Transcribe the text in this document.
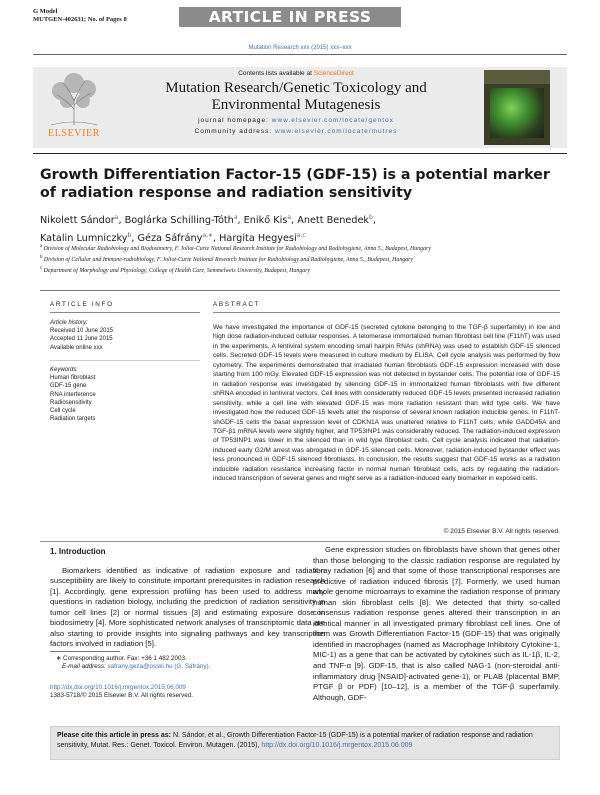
G Model
MUTGEN-402631; No. of Pages 8	ARTICLE IN PRESS
Mutation Research xxx (2015) xxx–xxx
ELSEVIER
Contents lists available at ScienceDirect
Mutation Research/Genetic Toxicology and
Environmental Mutagenesis
journal homepage: www.elsevier.com/locate/gentox
Community address: www.elsevier.com/locate/mutres
Growth Differentiation Factor-15 (GDF-15) is a potential marker of radiation response and radiation sensitivity
Nikolett Sándor$^a$, Boglárka Schilling-Tóth$^a$, Enikő Kis$^a$, Anett Benedek$^b$,
Katalin Lumniczky$^b$, Géza Sáfrány$^{a,∗}$, Hargita Hegyesi$^{a,c}$
$^a$ Division of Molecular Radiobiology and Biodosimetry, F. Joliot-Curie National Research Institute for Radiobiology and Radiohygiene, Anna 5., Budapest, Hungary
$^b$ Division of Cellular and Immune-radiobiology, F. Joliot-Curie National Research Institute for Radiobiology and Radiohygiene, Anna 5., Budapest, Hungary
$^c$ Department of Morphology and Physiology, College of Health Care, Semmelweis University, Budapest, Hungary
ARTICLE INFO
Article history:
Received 10 June 2015
Accepted 11 June 2015
Available online xxx
Keywords:
Human fibroblast
GDF-15 gene
RNA interference
Radiosensitivity
Cell cycle
Radiation targets
ABSTRACT
We have investigated the importance of GDF-15 (secreted cytokine belonging to the TGF-β superfamily) in low and high dose radiation-induced cellular responses. A telomerase immortalized human fibroblast cell line (F11hT) was used in the experiments. A lentiviral system encoding small hairpin RNAs (shRNA) was used to establish GDF-15 silenced cells. Secreted GDF-15 levels were measured in culture medium by ELISA. Cell cycle analysis was performed by flow cytometry. The experiments demonstrated that irradiated human fibroblasts GDF-15 expression increased with dose starting from 100 mGy. Elevated GDF-15 expression was not detected in bystander cells. The potential role of GDF-15 in radiation response was investigated by silencing GDF-15 in immortalized human fibroblasts with five different shRNA encoded in lentiviral vectors. Cell lines with considerably reduced GDF-15 levels presented increased radiation sensitivity, while a cell line with elevated GDF-15 was more radiation resistant than wild type cells. We have investigated how the reduced GDF-15 levels alter the response of several known radiation inducible genes. In F11hT-shGDF-15 cells the basal expression level of CDKN1A was unaltered relative to F11hT cells, while GADD45A and TGF-β1 mRNA levels were slightly higher, and TP53INP1 was considerably reduced. The radiation-induced expression of TP53INP1 was lower in the silenced than in wild type fibroblast cells. Cell cycle analysis indicated that radiation-induced early G2/M arrest was abrogated in GDF-15 silenced cells. Moreover, radiation-induced bystander effect was less pronounced in GDF-15 silenced fibroblasts. In conclusion, the results suggest that GDF-15 works as a radiation inducible radiation resistance increasing factor in normal human fibroblast cells, acts by regulating the radiation-induced transcription of several genes and might serve as a radiation-induced early biomarker in exposed cells.
© 2015 Elsevier B.V. All rights reserved.
1. Introduction
Biomarkers identified as indicative of radiation exposure and radiation susceptibility are likely to constitute important prerequisites in radiation research [1]. Accordingly, gene expression profiling has been used to address many questions in radiation biology, including the prediction of radiation sensitivity in tumor cell lines [2] or normal tissues [3] and estimating exposure dose in biodosimetry [4]. More sophisticated network analyses of transcriptomic data are also starting to provide insights into signaling pathways and key transcription factors involved in radiation [5].
Gene expression studies on fibroblasts have shown that genes other than those belonging to the classic radiation response are regulated by X-ray radiation [6] and that some of those transcriptional responses are predictive of radiation induced fibrosis [7]. Formerly, we used human whole genome microarrays to examine the radiation response of primary human skin fibroblast cells [8]. We detected that thirty so-called consensus radiation response genes altered their transcription in an identical manner in all investigated primary fibroblast cell lines. One of them was Growth Differentiation Factor-15 (GDF-15) that was originally identified in macrophages (named as Macrophage Inhibitory Cytokine-1, MIC-1) as a gene that can be activated by cytokines such as IL-1β, IL-2, and TNF-α [9]. GDF-15, that is also called NAG-1 (non-steroidal anti-inflammatory drug [NSAID]-activated gene-1), or PLAB (placental BMP, PTGF β or PDF) [10–12], is a member of the TGF-β superfamily. Although, GDF-
∗ Corresponding author. Fax: +36 1 482 2003.
E-mail address: safrany.geza@osski.hu (G. Sáfrány).
http://dx.doi.org/10.1016/j.mrgentox.2015.06.009
1383-5718/© 2015 Elsevier B.V. All rights reserved.
Please cite this article in press as: N. Sándor, et al., Growth Differentiation Factor-15 (GDF-15) is a potential marker of radiation response and radiation sensitivity, Mutat. Res.: Genet. Toxicol. Environ. Mutagen. (2015), http://dx.doi.org/10.1016/j.mrgentox.2015.06.009
